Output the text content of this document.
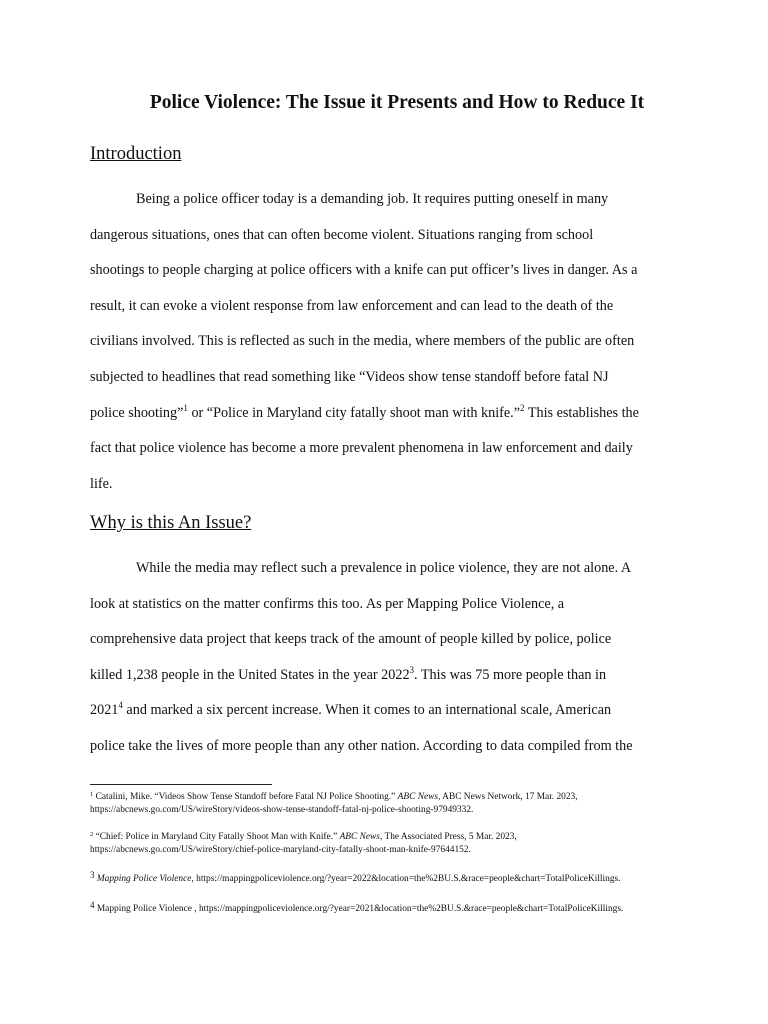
Police Violence: The Issue it Presents and How to Reduce It
Introduction
Being a police officer today is a demanding job. It requires putting oneself in many
dangerous situations, ones that can often become violent. Situations ranging from school
shootings to people charging at police officers with a knife can put officer’s lives in danger. As a
result, it can evoke a violent response from law enforcement and can lead to the death of the
civilians involved. This is reflected as such in the media, where members of the public are often
subjected to headlines that read something like “Videos show tense standoff before fatal NJ
police shooting”$^1$ or “Police in Maryland city fatally shoot man with knife.”$^2$ This establishes the
fact that police violence has become a more prevalent phenomena in law enforcement and daily
life.
Why is this An Issue?
While the media may reflect such a prevalence in police violence, they are not alone. A
look at statistics on the matter confirms this too. As per Mapping Police Violence, a
comprehensive data project that keeps track of the amount of people killed by police, police
killed 1,238 people in the United States in the year 2022$^3$. This was 75 more people than in
2021$^4$ and marked a six percent increase. When it comes to an international scale, American
police take the lives of more people than any other nation. According to data compiled from the
$^1$ Catalini, Mike. “Videos Show Tense Standoff before Fatal NJ Police Shooting.” ABC News, ABC News Network, 17 Mar. 2023,
https://abcnews.go.com/US/wireStory/videos-show-tense-standoff-fatal-nj-police-shooting-97949332.
$^2$ “Chief: Police in Maryland City Fatally Shoot Man with Knife.” ABC News, The Associated Press, 5 Mar. 2023,
https://abcnews.go.com/US/wireStory/chief-police-maryland-city-fatally-shoot-man-knife-97644152.
$^3$ Mapping Police Violence, https://mappingpoliceviolence.org/?year=2022&location=the%2BU.S.&race=people&chart=TotalPoliceKillings.
$^4$ Mapping Police Violence , https://mappingpoliceviolence.org/?year=2021&location=the%2BU.S.&race=people&chart=TotalPoliceKillings.
